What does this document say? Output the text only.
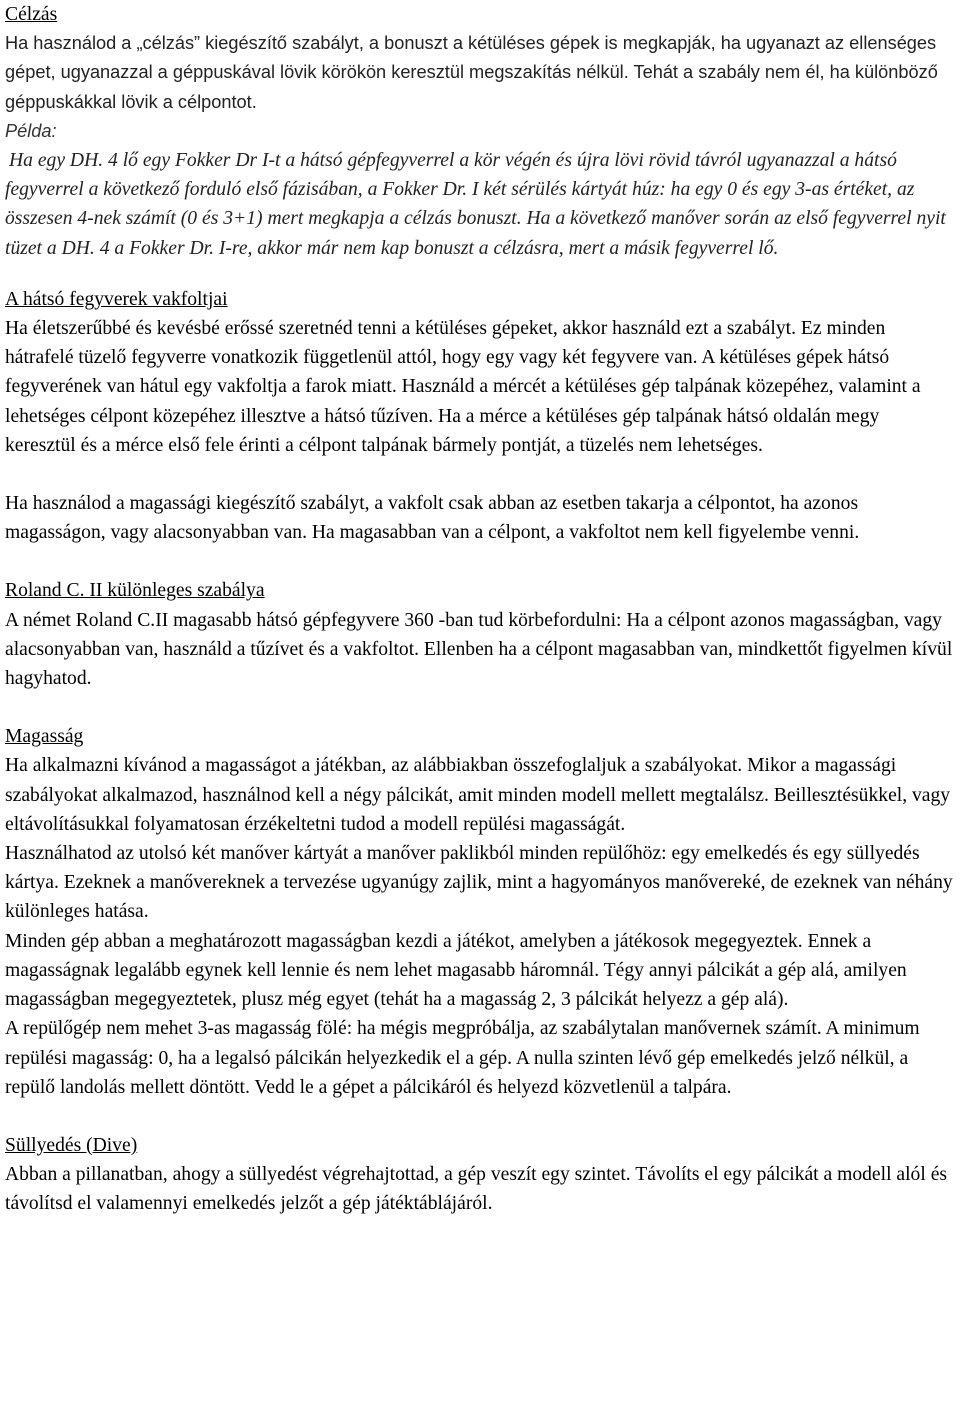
Célzás

Ha használod a „célzás” kiegészítő szabályt, a bonuszt a kétüléses gépek is megkapják, ha ugyanazt az ellenséges gépet, ugyanazzal a géppuskával lövik körökön keresztül megszakítás nélkül. Tehát a szabály nem él, ha különböző géppuskákkal lövik a célpontot.

Példa:

Ha egy DH. 4 lő egy Fokker Dr I-t a hátsó gépfegyverrel a kör végén és újra lövi rövid távról ugyanazzal a hátsó fegyverrel a következő forduló első fázisában, a Fokker Dr. I két sérülés kártyát húz: ha egy 0 és egy 3-as értéket, az összesen 4-nek számít (0 és 3+1) mert megkapja a célzás bonuszt. Ha a következő manőver során az első fegyverrel nyit tüzet a DH. 4 a Fokker Dr. I-re, akkor már nem kap bonuszt a célzásra, mert a másik fegyverrel lő.

A hátsó fegyverek vakfoltjai

Ha életszerűbbé és kevésbé erőssé szeretnéd tenni a kétüléses gépeket, akkor használd ezt a szabályt. Ez minden hátrafelé tüzelő fegyverre vonatkozik függetlenül attól, hogy egy vagy két fegyvere van. A kétüléses gépek hátsó fegyverének van hátul egy vakfoltja a farok miatt. Használd a mércét a kétüléses gép talpának közepéhez, valamint a lehetséges célpont közepéhez illesztve a hátsó tűzíven. Ha a mérce a kétüléses gép talpának hátsó oldalán megy keresztül és a mérce első fele érinti a célpont talpának bármely pontját, a tüzelés nem lehetséges.

Ha használod a magassági kiegészítő szabályt, a vakfolt csak abban az esetben takarja a célpontot, ha azonos magasságon, vagy alacsonyabban van. Ha magasabban van a célpont, a vakfoltot nem kell figyelembe venni.

Roland C. II különleges szabálya

A német Roland C.II magasabb hátsó gépfegyvere 360 -ban tud körbefordulni: Ha a célpont azonos magasságban, vagy alacsonyabban van, használd a tűzívet és a vakfoltot. Ellenben ha a célpont magasabban van, mindkettőt figyelmen kívül hagyhatod.

Magasság

Ha alkalmazni kívánod a magasságot a játékban, az alábbiakban összefoglaljuk a szabályokat. Mikor a magassági szabályokat alkalmazod, használnod kell a négy pálcikát, amit minden modell mellett megtalálsz. Beillesztésükkel, vagy eltávolításukkal folyamatosan érzékeltetni tudod a modell repülési magasságát.

Használhatod az utolsó két manőver kártyát a manőver paklikból minden repülőhöz: egy emelkedés és egy süllyedés kártya. Ezeknek a manővereknek a tervezése ugyanúgy zajlik, mint a hagyományos manővereké, de ezeknek van néhány különleges hatása.

Minden gép abban a meghatározott magasságban kezdi a játékot, amelyben a játékosok megegyeztek. Ennek a magasságnak legalább egynek kell lennie és nem lehet magasabb háromnál. Tégy annyi pálcikát a gép alá, amilyen magasságban megegyeztetek, plusz még egyet (tehát ha a magasság 2, 3 pálcikát helyezz a gép alá).

A repülőgép nem mehet 3-as magasság fölé: ha mégis megpróbálja, az szabálytalan manővernek számít. A minimum repülési magasság: 0, ha a legalsó pálcikán helyezkedik el a gép. A nulla szinten lévő gép emelkedés jelző nélkül, a repülő landolás mellett döntött. Vedd le a gépet a pálcikáról és helyezd közvetlenül a talpára.

Süllyedés (Dive)

Abban a pillanatban, ahogy a süllyedést végrehajtottad, a gép veszít egy szintet. Távolíts el egy pálcikát a modell alól és távolítsd el valamennyi emelkedés jelzőt a gép játéktáblájáról.
